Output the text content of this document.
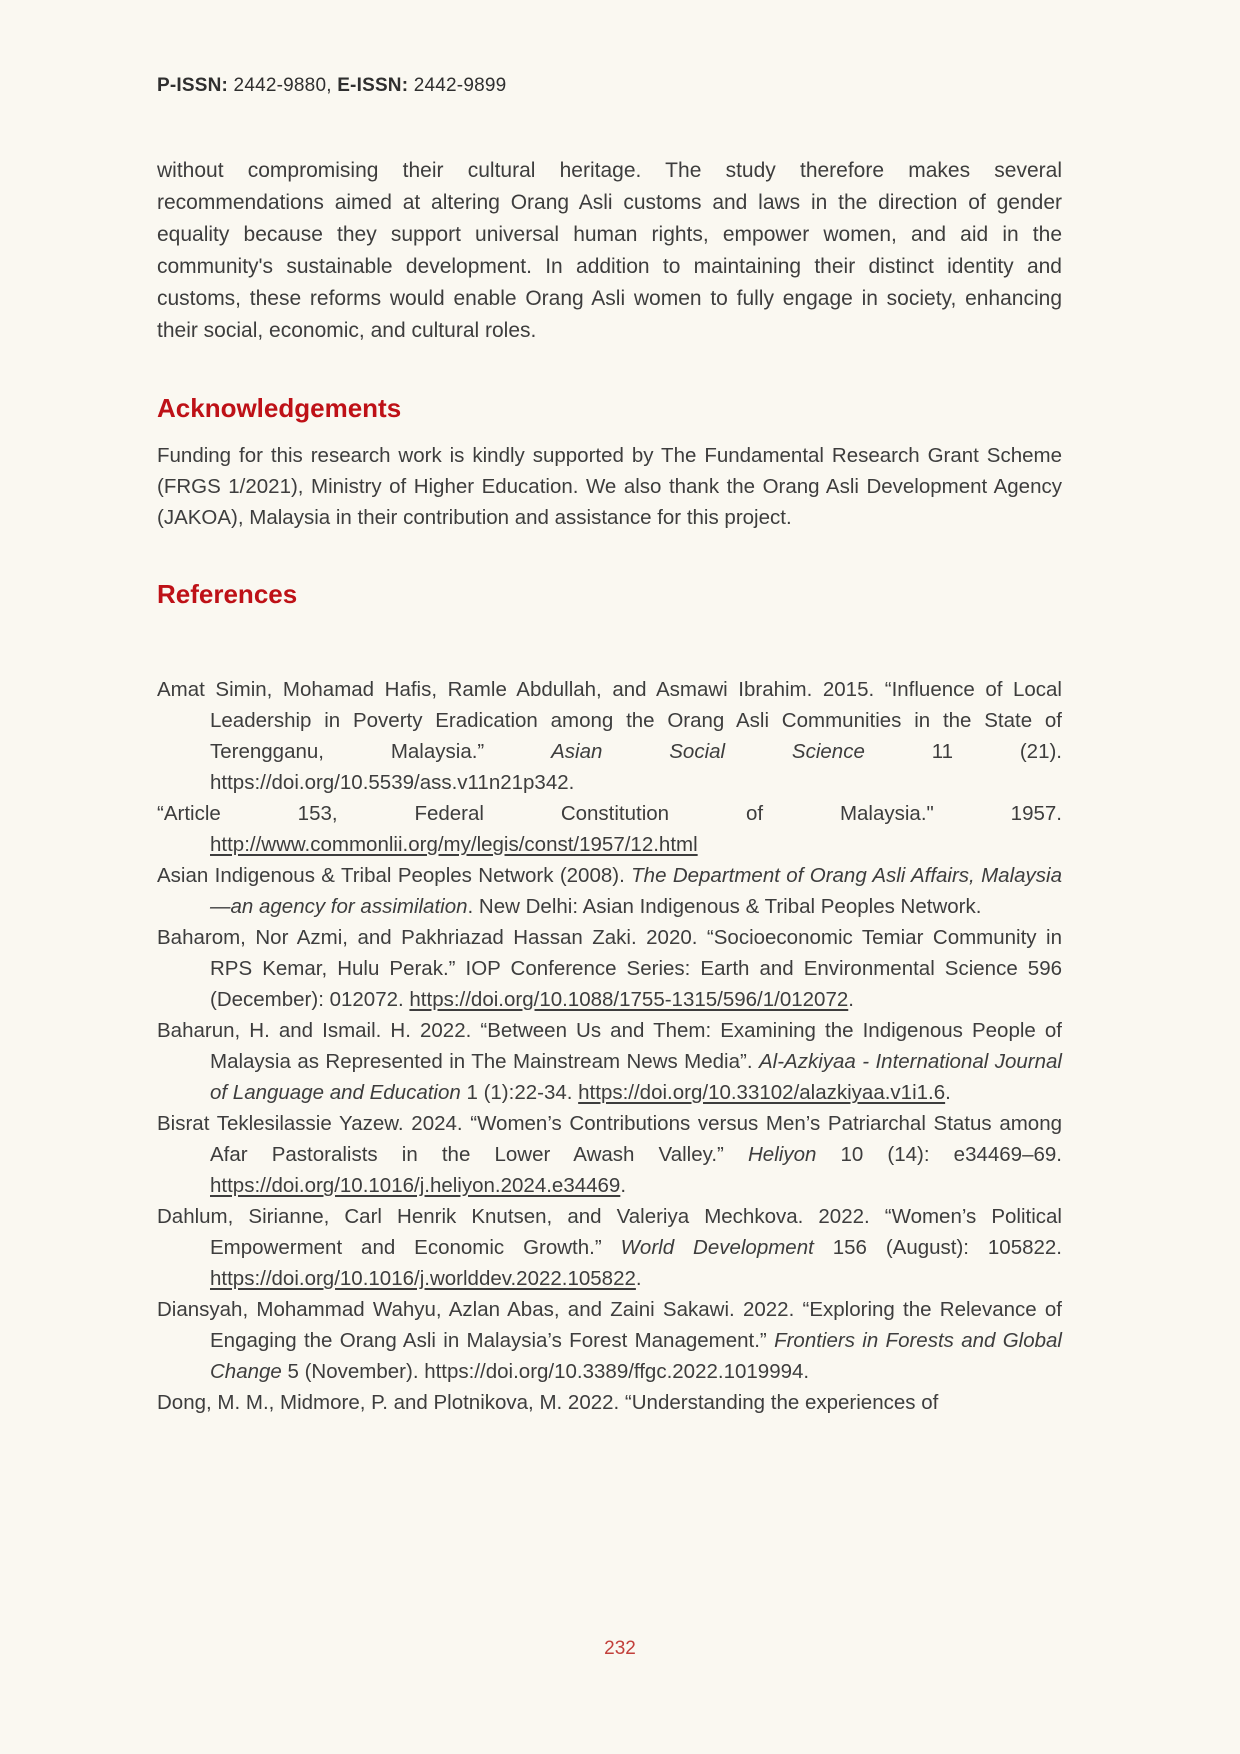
P-ISSN: 2442-9880, E-ISSN: 2442-9899

without compromising their cultural heritage. The study therefore makes several recommendations aimed at altering Orang Asli customs and laws in the direction of gender equality because they support universal human rights, empower women, and aid in the community's sustainable development. In addition to maintaining their distinct identity and customs, these reforms would enable Orang Asli women to fully engage in society, enhancing their social, economic, and cultural roles.

Acknowledgements

Funding for this research work is kindly supported by The Fundamental Research Grant Scheme (FRGS 1/2021), Ministry of Higher Education. We also thank the Orang Asli Development Agency (JAKOA), Malaysia in their contribution and assistance for this project.

References

Amat Simin, Mohamad Hafis, Ramle Abdullah, and Asmawi Ibrahim. 2015. “Influence of Local Leadership in Poverty Eradication among the Orang Asli Communities in the State of Terengganu, Malaysia.” Asian Social Science 11 (21). https://doi.org/10.5539/ass.v11n21p342.

“Article 153, Federal Constitution of Malaysia." 1957. http://www.commonlii.org/my/legis/const/1957/12.html

Asian Indigenous & Tribal Peoples Network (2008). The Department of Orang Asli Affairs, Malaysia—an agency for assimilation. New Delhi: Asian Indigenous & Tribal Peoples Network.

Baharom, Nor Azmi, and Pakhriazad Hassan Zaki. 2020. “Socioeconomic Temiar Community in RPS Kemar, Hulu Perak.” IOP Conference Series: Earth and Environmental Science 596 (December): 012072. https://doi.org/10.1088/1755-1315/596/1/012072.

Baharun, H. and Ismail. H. 2022. “Between Us and Them: Examining the Indigenous People of Malaysia as Represented in The Mainstream News Media”. Al-Azkiyaa - International Journal of Language and Education 1 (1):22-34. https://doi.org/10.33102/alazkiyaa.v1i1.6.

Bisrat Teklesilassie Yazew. 2024. “Women’s Contributions versus Men’s Patriarchal Status among Afar Pastoralists in the Lower Awash Valley.” Heliyon 10 (14): e34469–69. https://doi.org/10.1016/j.heliyon.2024.e34469.

Dahlum, Sirianne, Carl Henrik Knutsen, and Valeriya Mechkova. 2022. “Women’s Political Empowerment and Economic Growth.” World Development 156 (August): 105822. https://doi.org/10.1016/j.worlddev.2022.105822.

Diansyah, Mohammad Wahyu, Azlan Abas, and Zaini Sakawi. 2022. “Exploring the Relevance of Engaging the Orang Asli in Malaysia’s Forest Management.” Frontiers in Forests and Global Change 5 (November). https://doi.org/10.3389/ffgc.2022.1019994.

Dong, M. M., Midmore, P. and Plotnikova, M. 2022. “Understanding the experiences of

232
